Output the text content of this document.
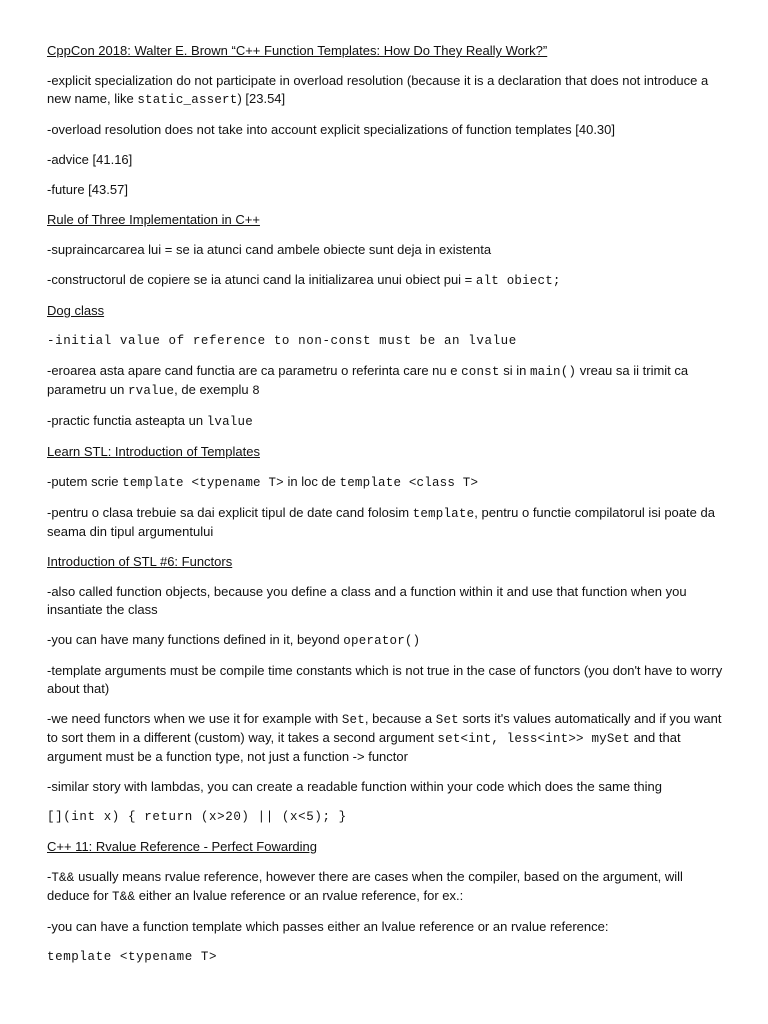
CppCon 2018: Walter E. Brown “C++ Function Templates: How Do They Really Work?”
-explicit specialization do not participate in overload resolution (because it is a declaration that does not introduce a new name, like static_assert) [23.54]
-overload resolution does not take into account explicit specializations of function templates [40.30]
-advice [41.16]
-future [43.57]
Rule of Three Implementation in C++
-supraincarcarea lui = se ia atunci cand ambele obiecte sunt deja in existenta
-constructorul de copiere se ia atunci cand la initializarea unui obiect pui = alt obiect;
Dog class
-initial value of reference to non-const must be an lvalue
-eroarea asta apare cand functia are ca parametru o referinta care nu e const si in main() vreau sa ii trimit ca parametru un rvalue, de exemplu 8
-practic functia asteapta un lvalue
Learn STL: Introduction of Templates
-putem scrie template <typename T> in loc de template <class T>
-pentru o clasa trebuie sa dai explicit tipul de date cand folosim template, pentru o functie compilatorul isi poate da seama din tipul argumentului
Introduction of STL #6: Functors
-also called function objects, because you define a class and a function within it and use that function when you insantiate the class
-you can have many functions defined in it, beyond operator()
-template arguments must be compile time constants which is not true in the case of functors (you don't have to worry about that)
-we need functors when we use it for example with Set, because a Set sorts it's values automatically and if you want to sort them in a different (custom) way, it takes a second argument set<int, less<int>> mySet and that argument must be a function type, not just a function -> functor
-similar story with lambdas, you can create a readable function within your code which does the same thing
[](int x) { return (x>20) || (x<5); }
C++ 11: Rvalue Reference - Perfect Fowarding
-T&& usually means rvalue reference, however there are cases when the compiler, based on the argument, will deduce for T&& either an lvalue reference or an rvalue reference, for ex.:
-you can have a function template which passes either an lvalue reference or an rvalue reference:
template <typename T>
